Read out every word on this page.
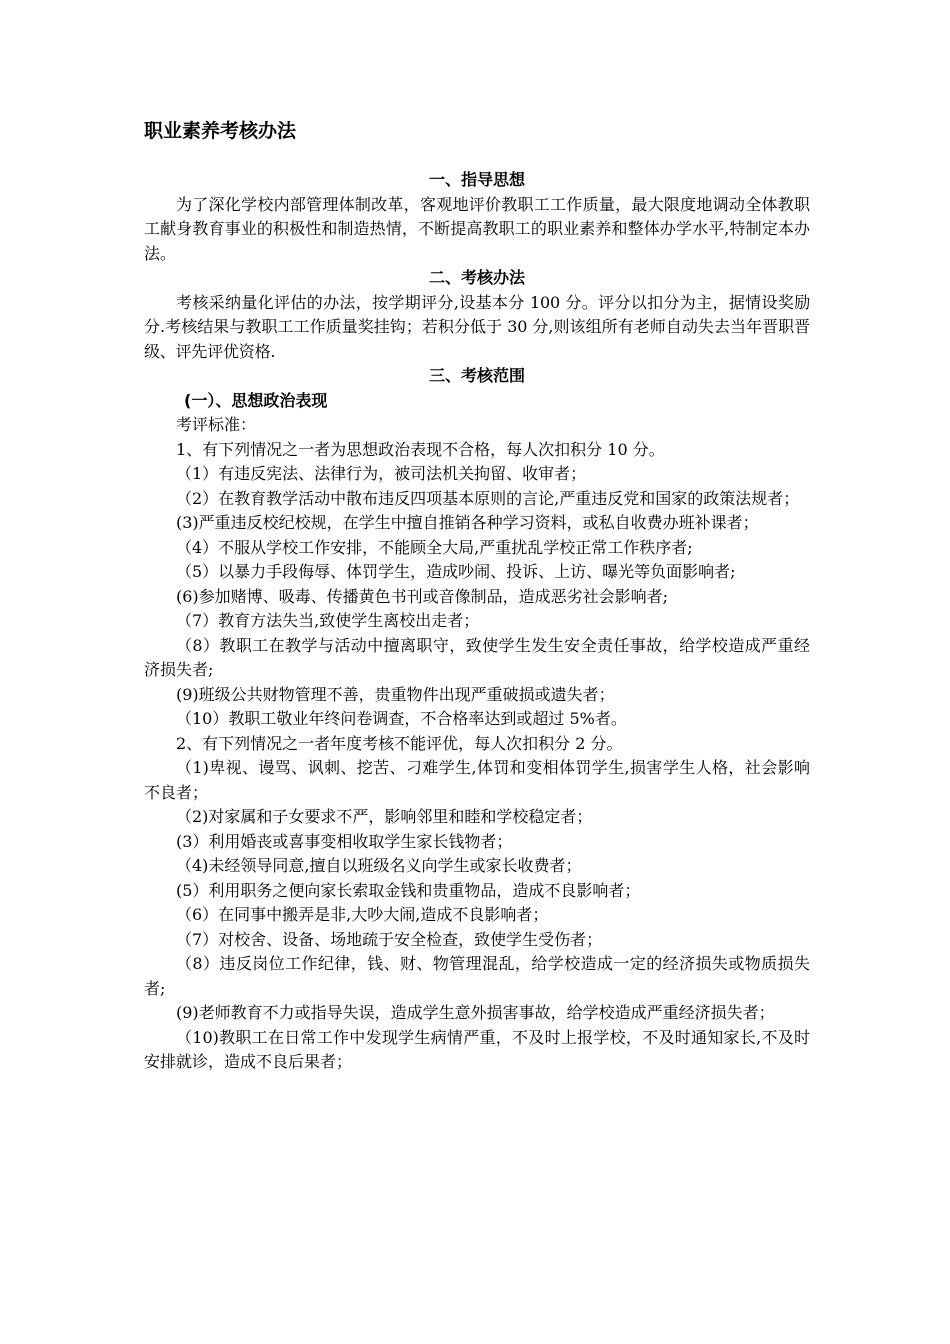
职业素养考核办法
一、指导思想

为了深化学校内部管理体制改革，客观地评价教职工工作质量，最大限度地调动全体教职工献身教育事业的积极性和制造热情，不断提高教职工的职业素养和整体办学水平,特制定本办法。

二、考核办法

考核采纳量化评估的办法，按学期评分,设基本分 100 分。评分以扣分为主，据情设奖励分.考核结果与教职工工作质量奖挂钩；若积分低于 30 分,则该组所有老师自动失去当年晋职晋级、评先评优资格.

三、考核范围

(一）、思想政治表现

考评标准：

1、有下列情况之一者为思想政治表现不合格，每人次扣积分 10 分。

（1）有违反宪法、法律行为，被司法机关拘留、收审者；

（2）在教育教学活动中散布违反四项基本原则的言论,严重违反党和国家的政策法规者；

(3)严重违反校纪校规，在学生中擅自推销各种学习资料，或私自收费办班补课者；

（4）不服从学校工作安排，不能顾全大局,严重扰乱学校正常工作秩序者;

（5）以暴力手段侮辱、体罚学生，造成吵闹、投诉、上访、曝光等负面影响者;

(6)参加赌博、吸毒、传播黄色书刊或音像制品，造成恶劣社会影响者;

（7）教育方法失当,致使学生离校出走者；

（8）教职工在教学与活动中擅离职守，致使学生发生安全责任事故，给学校造成严重经济损失者;

(9)班级公共财物管理不善，贵重物件出现严重破损或遗失者；

（10）教职工敬业年终问卷调查，不合格率达到或超过 5%者。

2、有下列情况之一者年度考核不能评优，每人次扣积分 2 分。

（1)卑视、谩骂、讽刺、挖苦、刁难学生,体罚和变相体罚学生,损害学生人格，社会影响不良者；

（2)对家属和子女要求不严，影响邻里和睦和学校稳定者；

(3）利用婚丧或喜事变相收取学生家长钱物者；

（4)未经领导同意,擅自以班级名义向学生或家长收费者；

(5）利用职务之便向家长索取金钱和贵重物品，造成不良影响者；

（6）在同事中搬弄是非,大吵大闹,造成不良影响者；

（7）对校舍、设备、场地疏于安全检查，致使学生受伤者；

（8）违反岗位工作纪律，钱、财、物管理混乱，给学校造成一定的经济损失或物质损失者;

(9)老师教育不力或指导失误，造成学生意外损害事故，给学校造成严重经济损失者；

（10)教职工在日常工作中发现学生病情严重，不及时上报学校，不及时通知家长,不及时安排就诊，造成不良后果者；
